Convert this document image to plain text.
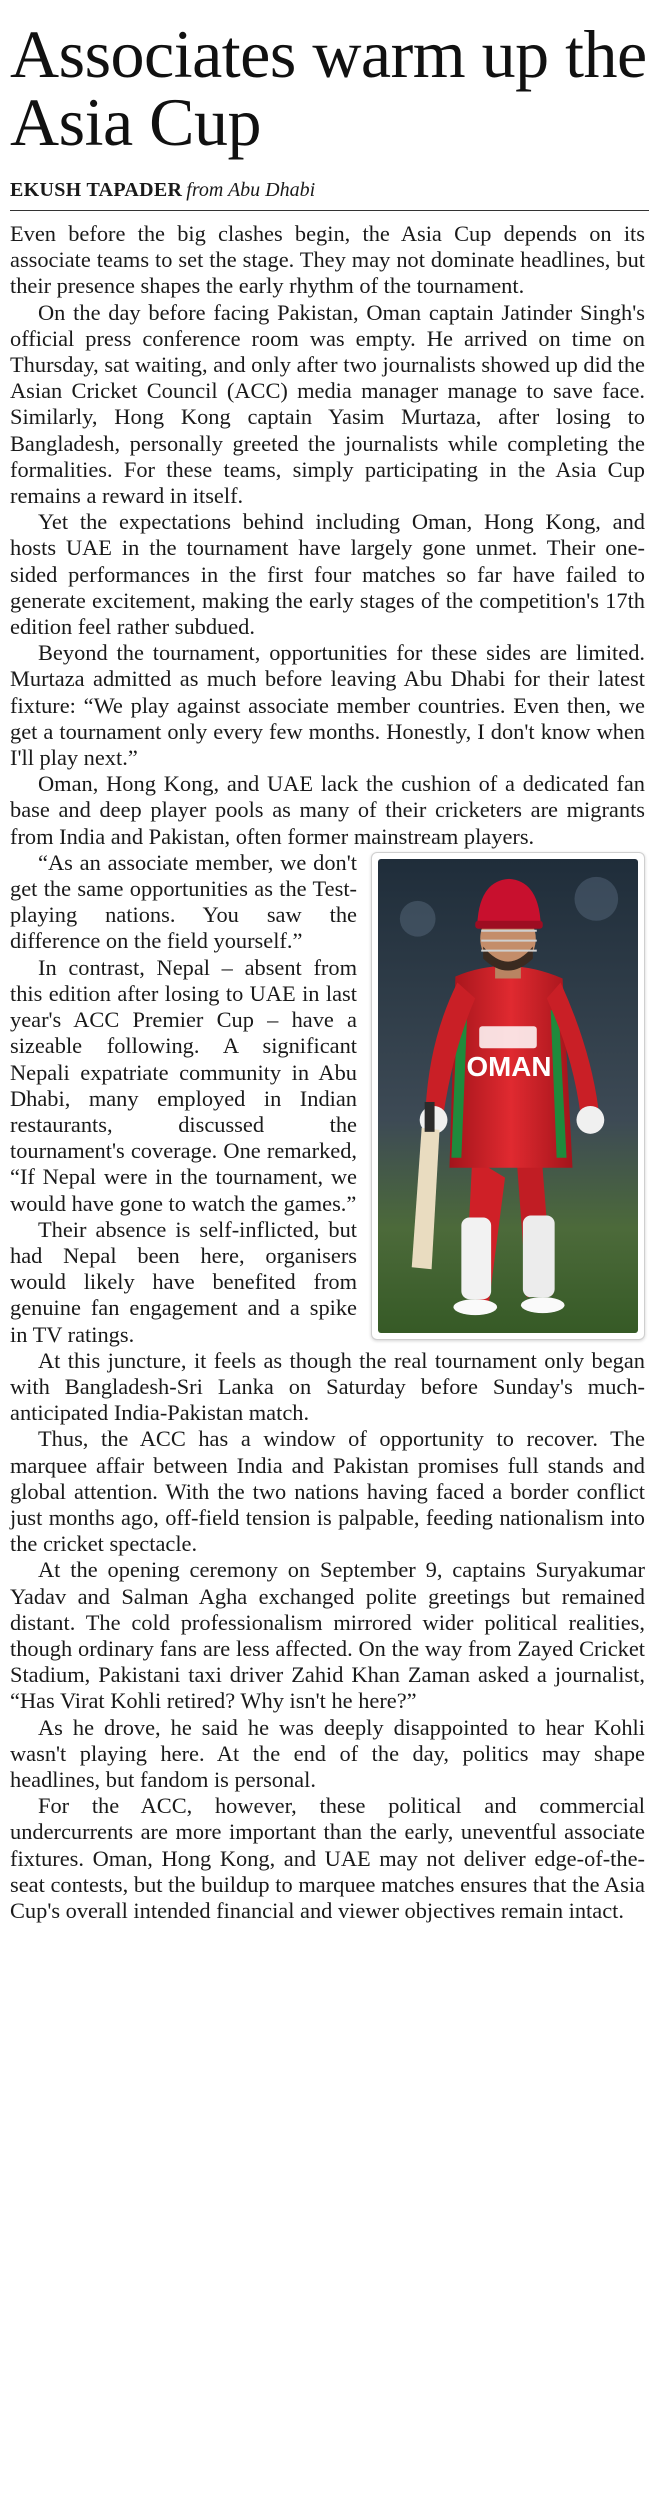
Associates warm up the Asia Cup
EKUSH TAPADER from Abu Dhabi

Even before the big clashes begin, the Asia Cup depends on its associate teams to set the stage. They may not dominate headlines, but their presence shapes the early rhythm of the tournament.

On the day before facing Pakistan, Oman captain Jatinder Singh's official press conference room was empty. He arrived on time on Thursday, sat waiting, and only after two journalists showed up did the Asian Cricket Council (ACC) media manager manage to save face. Similarly, Hong Kong captain Yasim Murtaza, after losing to Bangladesh, personally greeted the journalists while completing the formalities. For these teams, simply participating in the Asia Cup remains a reward in itself.

Yet the expectations behind including Oman, Hong Kong, and hosts UAE in the tournament have largely gone unmet. Their one-sided performances in the first four matches so far have failed to generate excitement, making the early stages of the competition's 17th edition feel rather subdued.

Beyond the tournament, opportunities for these sides are limited. Murtaza admitted as much before leaving Abu Dhabi for their latest fixture: “We play against associate member countries. Even then, we get a tournament only every few months. Honestly, I don't know when I'll play next.”

Oman, Hong Kong, and UAE lack the cushion of a dedicated fan base and deep player pools as many of their cricketers are migrants from India and Pakistan, often former mainstream players.

OMAN

“As an associate member, we don't get the same opportunities as the Test-playing nations. You saw the difference on the field yourself.”

In contrast, Nepal – absent from this edition after losing to UAE in last year's ACC Premier Cup – have a sizeable following. A significant Nepali expatriate community in Abu Dhabi, many employed in Indian restaurants, discussed the tournament's coverage. One remarked, “If Nepal were in the tournament, we would have gone to watch the games.”

Their absence is self-inflicted, but had Nepal been here, organisers would likely have benefited from genuine fan engagement and a spike in TV ratings.

At this juncture, it feels as though the real tournament only began with Bangladesh-Sri Lanka on Saturday before Sunday's much-anticipated India-Pakistan match.

Thus, the ACC has a window of opportunity to recover. The marquee affair between India and Pakistan promises full stands and global attention. With the two nations having faced a border conflict just months ago, off-field tension is palpable, feeding nationalism into the cricket spectacle.

At the opening ceremony on September 9, captains Suryakumar Yadav and Salman Agha exchanged polite greetings but remained distant. The cold professionalism mirrored wider political realities, though ordinary fans are less affected. On the way from Zayed Cricket Stadium, Pakistani taxi driver Zahid Khan Zaman asked a journalist, “Has Virat Kohli retired? Why isn't he here?”

As he drove, he said he was deeply disappointed to hear Kohli wasn't playing here. At the end of the day, politics may shape headlines, but fandom is personal.

For the ACC, however, these political and commercial undercurrents are more important than the early, uneventful associate fixtures. Oman, Hong Kong, and UAE may not deliver edge-of-the-seat contests, but the buildup to marquee matches ensures that the Asia Cup's overall intended financial and viewer objectives remain intact.
